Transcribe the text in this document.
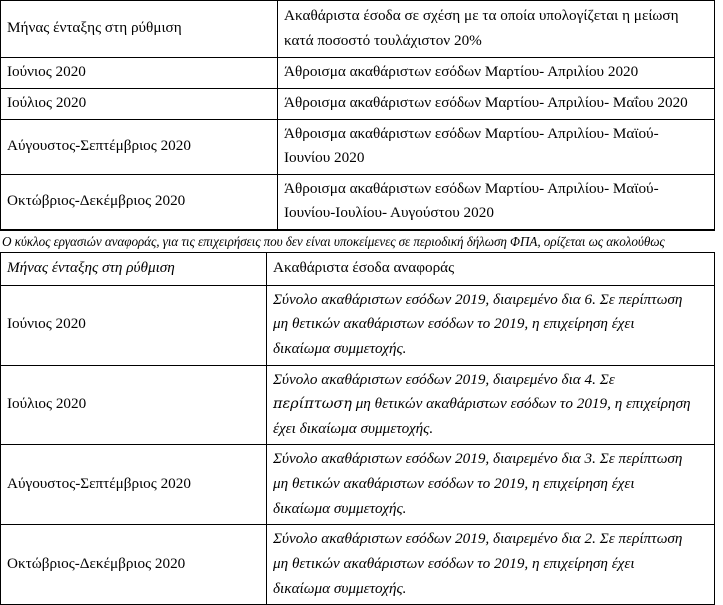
Μήνας ένταξης στη ρύθμιση	Ακαθάριστα έσοδα σε σχέση με τα οποία υπολογίζεται η μείωση
κατά ποσοστό τουλάχιστον 20%

Ιούνιος 2020	Άθροισμα ακαθάριστων εσόδων Μαρτίου- Απριλίου 2020

Ιούλιος 2020	Άθροισμα ακαθάριστων εσόδων Μαρτίου- Απριλίου- Μαΐου 2020

Αύγουστος-Σεπτέμβριος 2020	Άθροισμα ακαθάριστων εσόδων Μαρτίου- Απριλίου- Μαϊού-
Ιουνίου 2020

Οκτώβριος-Δεκέμβριος 2020	Άθροισμα ακαθάριστων εσόδων Μαρτίου- Απριλίου- Μαϊού-
Ιουνίου-Ιουλίου- Αυγούστου 2020
Ο κύκλος εργασιών αναφοράς, για τις επιχειρήσεις που δεν είναι υποκείμενες σε περιοδική δήλωση ΦΠΑ, ορίζεται ως ακολούθως
Μήνας ένταξης στη ρύθμιση	Ακαθάριστα έσοδα αναφοράς
Ιούνιος 2020	Σύνολο ακαθάριστων εσόδων 2019, διαιρεμένο δια 6. Σε περίπτωση
μη θετικών ακαθάριστων εσόδων το 2019, η επιχείρηση έχει
δικαίωμα συμμετοχής.

Ιούλιος 2020	Σύνολο ακαθάριστων εσόδων 2019, διαιρεμένο δια 4. Σε
περίπτωση μη θετικών ακαθάριστων εσόδων το 2019, η επιχείρηση
έχει δικαίωμα συμμετοχής.

Αύγουστος-Σεπτέμβριος 2020	Σύνολο ακαθάριστων εσόδων 2019, διαιρεμένο δια 3. Σε περίπτωση
μη θετικών ακαθάριστων εσόδων το 2019, η επιχείρηση έχει
δικαίωμα συμμετοχής.

Οκτώβριος-Δεκέμβριος 2020	Σύνολο ακαθάριστων εσόδων 2019, διαιρεμένο δια 2. Σε περίπτωση
μη θετικών ακαθάριστων εσόδων το 2019, η επιχείρηση έχει
δικαίωμα συμμετοχής.
